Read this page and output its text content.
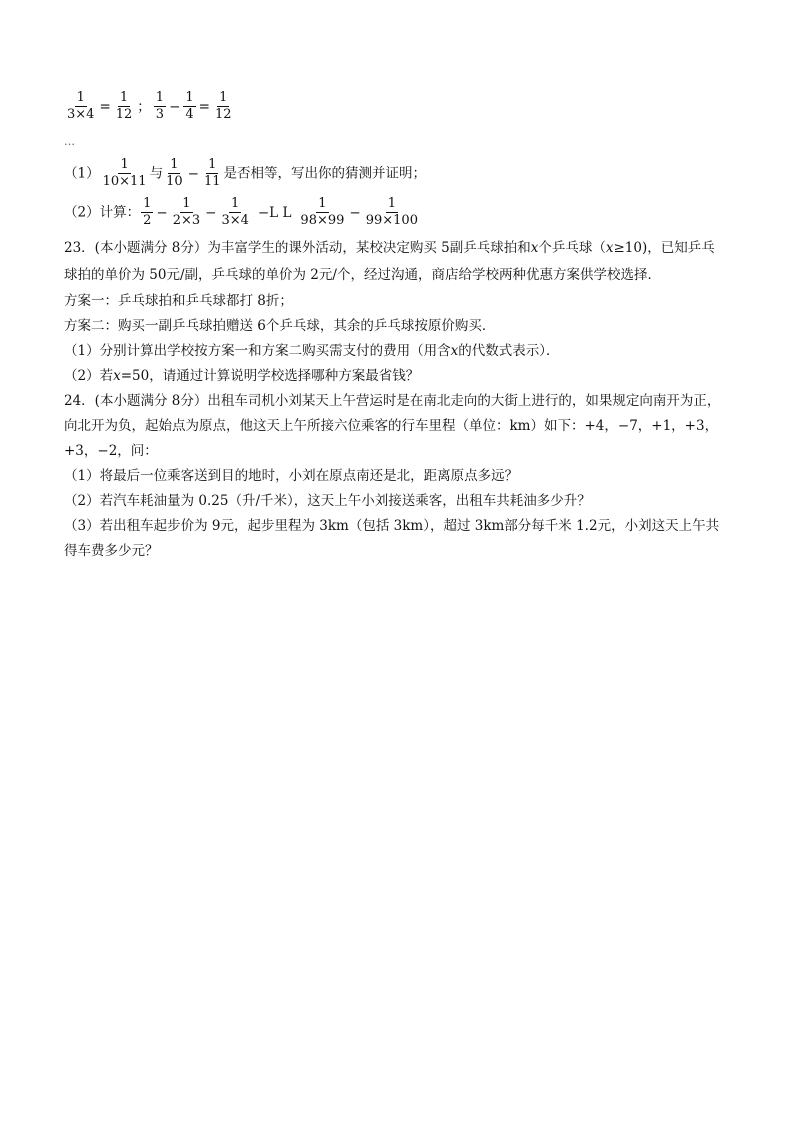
$\frac{1}{3\times 4} = \frac{1}{12}$ ； $\frac{1}{3} - \frac{1}{4} = \frac{1}{12}$
…
$(1) \frac{1}{10\times 11}$ 与 $\frac{1}{10} - \frac{1}{11}$ 是否相等，写出你的猜测并证明；
（2）计算： $\frac{1}{2} - \frac{1}{2\times 3} - \frac{1}{3\times 4} -L$ L $\frac{1}{98\times 99} - \frac{1}{99\times 100}$
23．(本小题满分 8分）为丰富学生的课外活动，某校决定购买 5副乒乓球拍和x个乒乓球（x≥10)，已知乒乓
球拍的单价为 50元/副，乒乓球的单价为 2元/个，经过沟通，商店给学校两种优惠方案供学校选择．
方案一：乒乓球拍和乒乓球都打 8折；
方案二：购买一副乒乓球拍赠送 6个乒乓球，其余的乒乓球按原价购买．
（1）分别计算出学校按方案一和方案二购买需支付的费用（用含x的代数式表示）．
（2）若x=50，请通过计算说明学校选择哪种方案最省钱？
24．(本小题满分 8分）出租车司机小刘某天上午营运时是在南北走向的大街上进行的，如果规定向南开为正，
向北开为负，起始点为原点，他这天上午所接六位乘客的行车里程（单位：km）如下：+4，−7，+1，+3，
+3，−2，问：
（1）将最后一位乘客送到目的地时，小刘在原点南还是北，距离原点多远？
（2）若汽车耗油量为 0.25（升/千米），这天上午小刘接送乘客，出租车共耗油多少升？
（3）若出租车起步价为 9元，起步里程为 3km（包括 3km），超过 3km部分每千米 1.2元，小刘这天上午共
得车费多少元？
